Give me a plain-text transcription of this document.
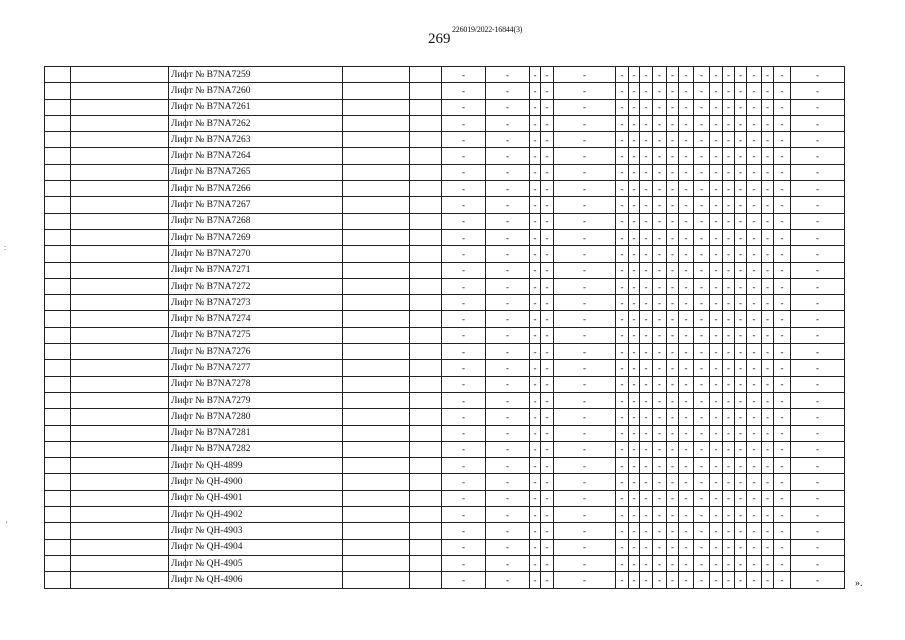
269
226019/2022-16844(3)
:
'
		Лифт № B7NA7259			-	-	-	-	-	-	-	-	-	-	-	-	-	-	-	-	-	-	-
		Лифт № B7NA7260			-	-	-	-	-	-	-	-	-	-	-	-	-	-	-	-	-	-	-
		Лифт № B7NA7261			-	-	-	-	-	-	-	-	-	-	-	-	-	-	-	-	-	-	-
		Лифт № B7NA7262			-	-	-	-	-	-	-	-	-	-	-	-	-	-	-	-	-	-	-
		Лифт № B7NA7263			-	-	-	-	-	-	-	-	-	-	-	-	-	-	-	-	-	-	-
		Лифт № B7NA7264			-	-	-	-	-	-	-	-	-	-	-	-	-	-	-	-	-	-	-
		Лифт № B7NA7265			-	-	-	-	-	-	-	-	-	-	-	-	-	-	-	-	-	-	-
		Лифт № B7NA7266			-	-	-	-	-	-	-	-	-	-	-	-	-	-	-	-	-	-	-
		Лифт № B7NA7267			-	-	-	-	-	-	-	-	-	-	-	-	-	-	-	-	-	-	-
		Лифт № B7NA7268			-	-	-	-	-	-	-	-	-	-	-	-	-	-	-	-	-	-	-
		Лифт № B7NA7269			-	-	-	-	-	-	-	-	-	-	-	-	-	-	-	-	-	-	-
		Лифт № B7NA7270			-	-	-	-	-	-	-	-	-	-	-	-	-	-	-	-	-	-	-
		Лифт № B7NA7271			-	-	-	-	-	-	-	-	-	-	-	-	-	-	-	-	-	-	-
		Лифт № B7NA7272			-	-	-	-	-	-	-	-	-	-	-	-	-	-	-	-	-	-	-
		Лифт № B7NA7273			-	-	-	-	-	-	-	-	-	-	-	-	-	-	-	-	-	-	-
		Лифт № B7NA7274			-	-	-	-	-	-	-	-	-	-	-	-	-	-	-	-	-	-	-
		Лифт № B7NA7275			-	-	-	-	-	-	-	-	-	-	-	-	-	-	-	-	-	-	-
		Лифт № B7NA7276			-	-	-	-	-	-	-	-	-	-	-	-	-	-	-	-	-	-	-
		Лифт № B7NA7277			-	-	-	-	-	-	-	-	-	-	-	-	-	-	-	-	-	-	-
		Лифт № B7NA7278			-	-	-	-	-	-	-	-	-	-	-	-	-	-	-	-	-	-	-
		Лифт № B7NA7279			-	-	-	-	-	-	-	-	-	-	-	-	-	-	-	-	-	-	-
		Лифт № B7NA7280			-	-	-	-	-	-	-	-	-	-	-	-	-	-	-	-	-	-	-
		Лифт № B7NA7281			-	-	-	-	-	-	-	-	-	-	-	-	-	-	-	-	-	-	-
		Лифт № B7NA7282			-	-	-	-	-	-	-	-	-	-	-	-	-	-	-	-	-	-	-
		Лифт № QH-4899			-	-	-	-	-	-	-	-	-	-	-	-	-	-	-	-	-	-	-
		Лифт № QH-4900			-	-	-	-	-	-	-	-	-	-	-	-	-	-	-	-	-	-	-
		Лифт № QH-4901			-	-	-	-	-	-	-	-	-	-	-	-	-	-	-	-	-	-	-
		Лифт № QH-4902			-	-	-	-	-	-	-	-	-	-	-	-	-	-	-	-	-	-	-
		Лифт № QH-4903			-	-	-	-	-	-	-	-	-	-	-	-	-	-	-	-	-	-	-
		Лифт № QH-4904			-	-	-	-	-	-	-	-	-	-	-	-	-	-	-	-	-	-	-
		Лифт № QH-4905			-	-	-	-	-	-	-	-	-	-	-	-	-	-	-	-	-	-	-
		Лифт № QH-4906			-	-	-	-	-	-	-	-	-	-	-	-	-	-	-	-	-	-	-	».
